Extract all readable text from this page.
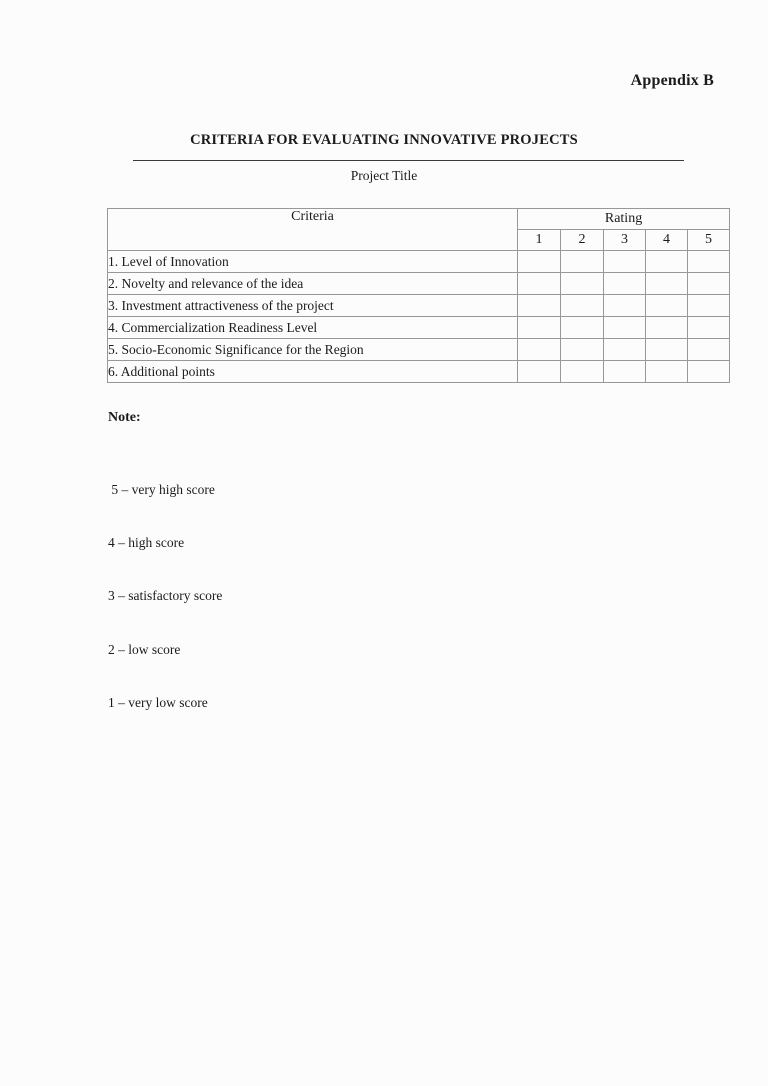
Appendix B
CRITERIA FOR EVALUATING INNOVATIVE PROJECTS
Project Title
Criteria	Rating				
	1	2	3	4	5
1. Level of Innovation					
2. Novelty and relevance of the idea					
3. Investment attractiveness of the project					
4. Commercialization Readiness Level					
5. Socio-Economic Significance for the Region					
6. Additional points					
Note:

5 – very high score

4 – high score

3 – satisfactory score

2 – low score

1 – very low score
